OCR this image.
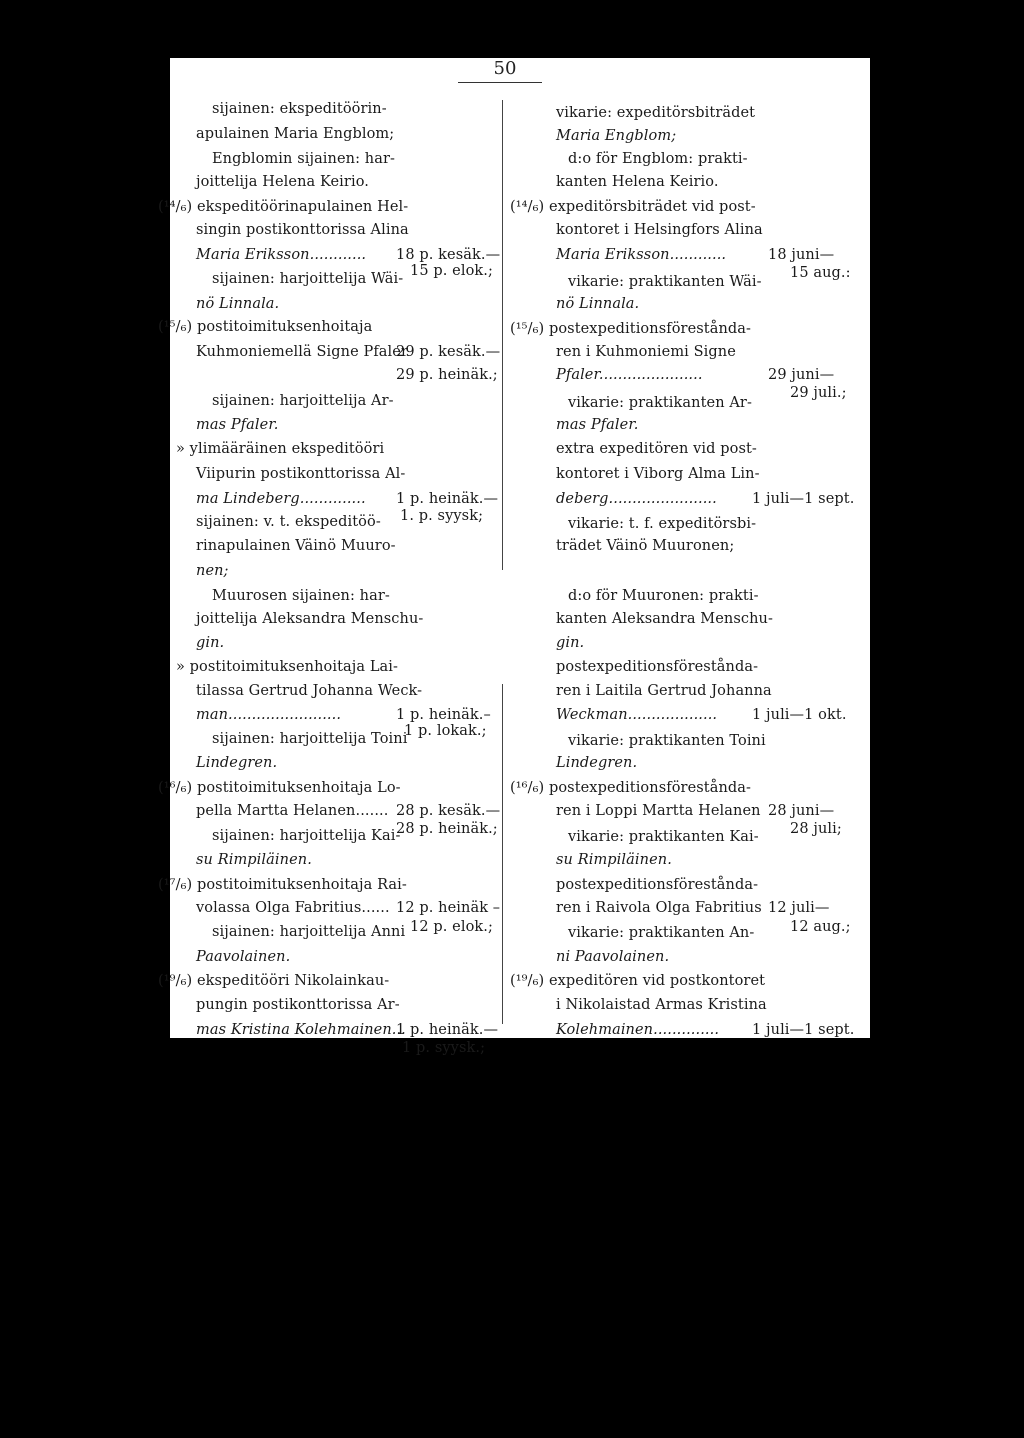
50
sijainen: ekspeditöörin-
apulainen Maria Engblom;
Engblomin sijainen: har-
joittelija Helena Keirio.
(¹⁴/₆) ekspeditöörinapulainen Hel-
singin postikonttorissa Alina
Maria Eriksson............
sijainen: harjoittelija Wäi-
nö Linnala.
(¹⁵/₆) postitoimituksenhoitaja
Kuhmoniemellä Signe Pfaler
sijainen: harjoittelija Ar-
mas Pfaler.
» ylimääräinen ekspeditööri
Viipurin postikonttorissa Al-
ma Lindeberg..............
sijainen: v. t. ekspeditöö-
rinapulainen Väinö Muuro-
nen;
Muurosen sijainen: har-
joittelija Aleksandra Menschu-
gin.
» postitoimituksenhoitaja Lai-
tilassa Gertrud Johanna Weck-
man........................
sijainen: harjoittelija Toini
Lindegren.
(¹⁶/₆) postitoimituksenhoitaja Lo-
pella Martta Helanen.......
sijainen: harjoittelija Kai-
su Rimpiläinen.
(¹⁷/₆) postitoimituksenhoitaja Rai-
volassa Olga Fabritius......
sijainen: harjoittelija Anni
Paavolainen.
(¹⁹/₆) ekspeditööri Nikolainkau-
pungin postikonttorissa Ar-
mas Kristina Kolehmainen...
18 p. kesäk.—
15 p. elok.;
29 p. kesäk.—
29 p. heinäk.;
1 p. heinäk.—
1. p. syysk;
1 p. heinäk.–
1 p. lokak.;
28 p. kesäk.—
28 p. heinäk.;
12 p. heinäk –
12 p. elok.;
1 p. heinäk.—
1 p. syysk.;
vikarie: expeditörsbiträdet
Maria Engblom;
d:o för Engblom: prakti-
kanten Helena Keirio.
(¹⁴/₆) expeditörsbiträdet vid post-
kontoret i Helsingfors Alina
Maria Eriksson............
vikarie: praktikanten Wäi-
nö Linnala.
(¹⁵/₆) postexpeditionsförestånda-
ren i Kuhmoniemi Signe
Pfaler......................
vikarie: praktikanten Ar-
mas Pfaler.
extra expeditören vid post-
kontoret i Viborg Alma Lin-
deberg.......................
vikarie: t. f. expeditörsbi-
trädet Väinö Muuronen;
d:o för Muuronen: prakti-
kanten Aleksandra Menschu-
gin.
postexpeditionsförestånda-
ren i Laitila Gertrud Johanna
Weckman...................
vikarie: praktikanten Toini
Lindegren.
(¹⁶/₆) postexpeditionsförestånda-
ren i Loppi Martta Helanen
vikarie: praktikanten Kai-
su Rimpiläinen.
postexpeditionsförestånda-
ren i Raivola Olga Fabritius
vikarie: praktikanten An-
ni Paavolainen.
(¹⁹/₆) expeditören vid postkontoret
i Nikolaistad Armas Kristina
Kolehmainen..............
18 juni—
15 aug.:
29 juni—
29 juli.;
1 juli—1 sept.
1 juli—1 okt.
28 juni—
28 juli;
12 juli—
12 aug.;
1 juli—1 sept.
